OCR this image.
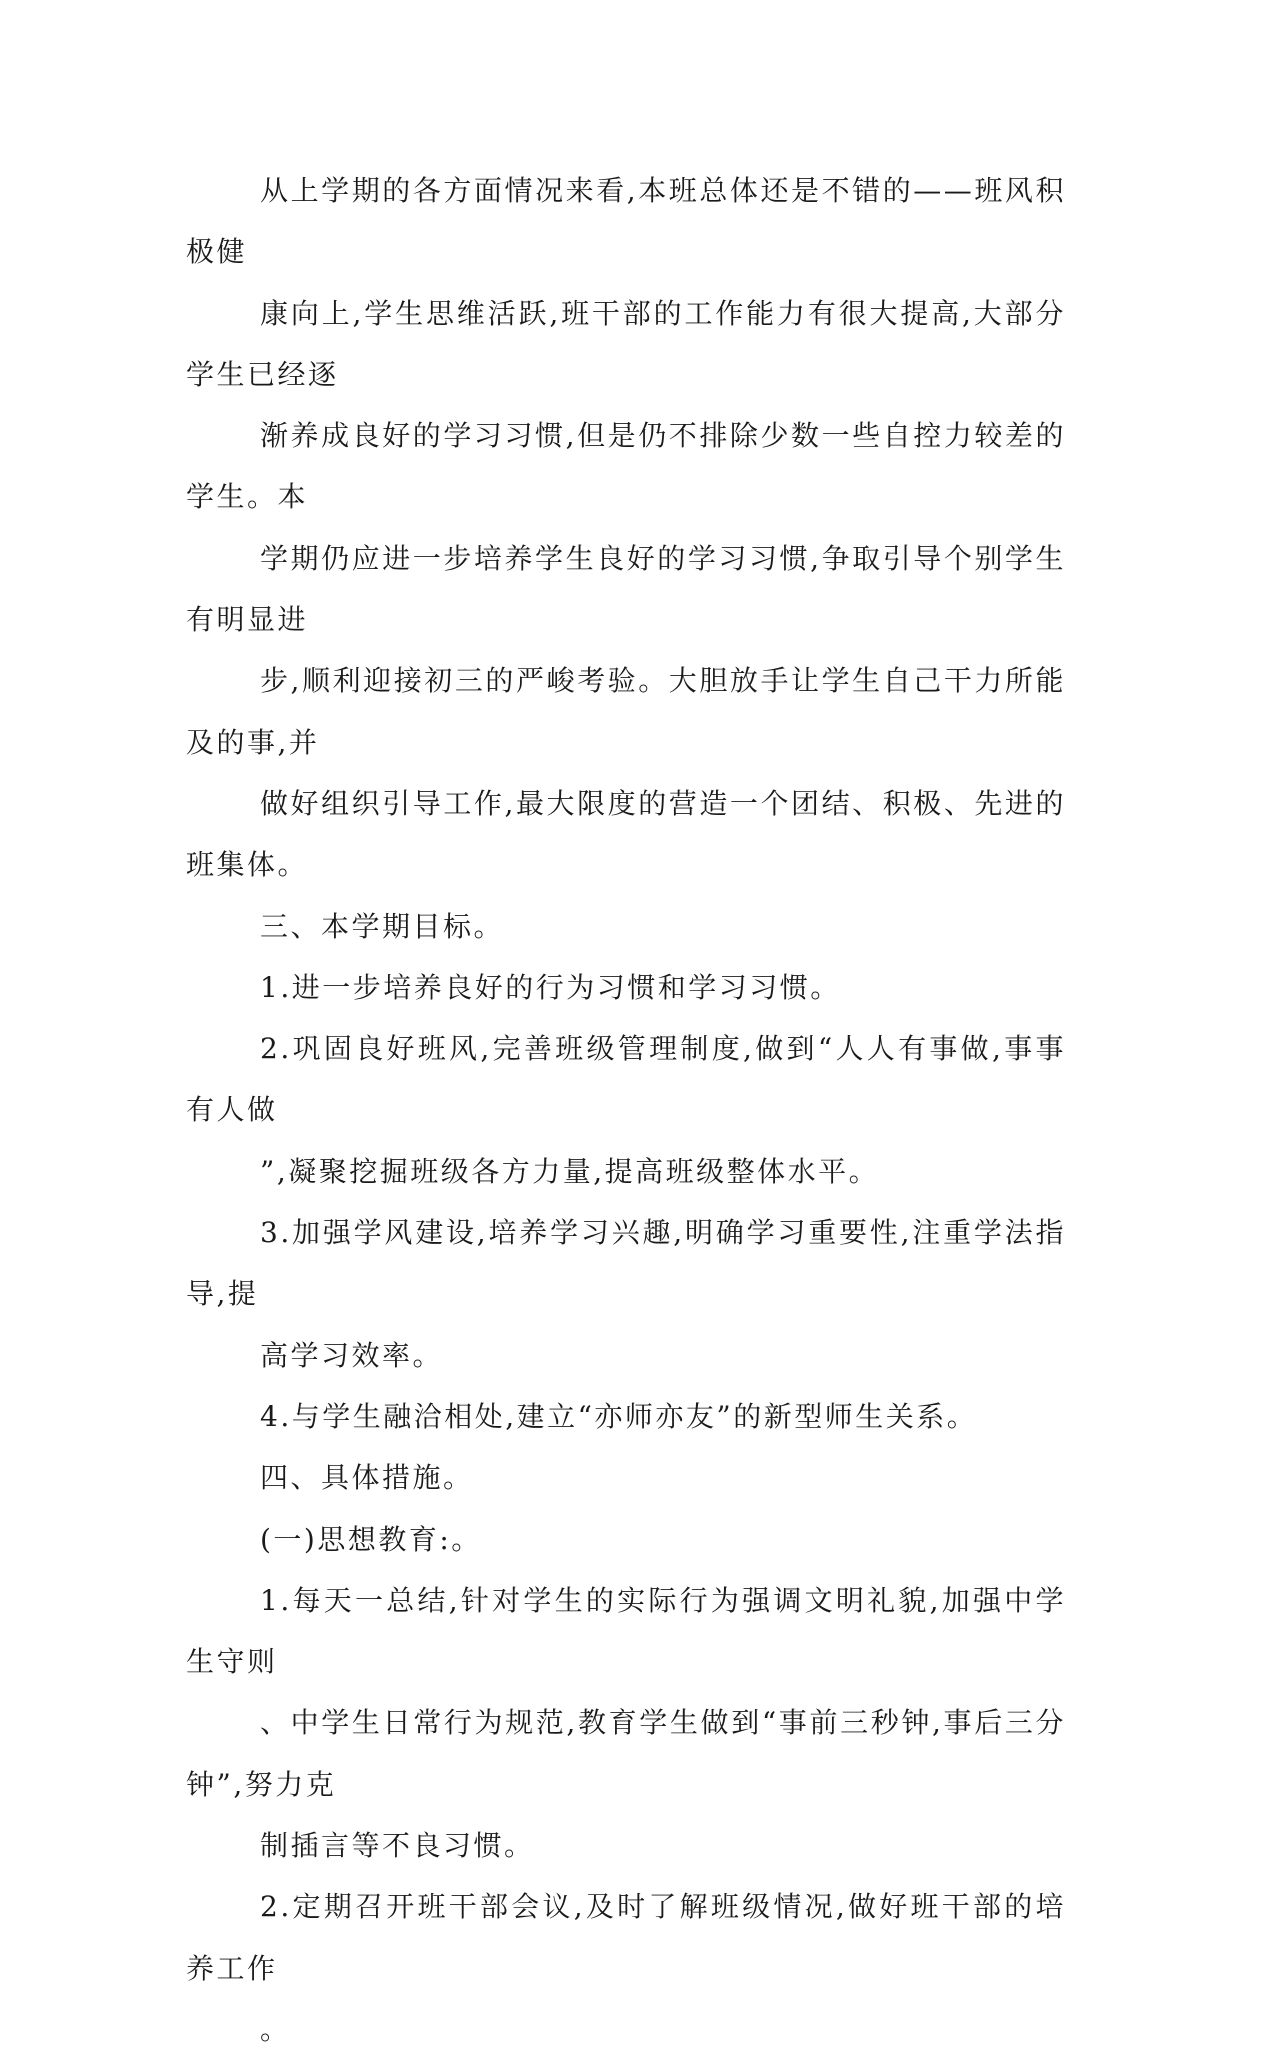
从上学期的各方面情况来看,本班总体还是不错的——班风积极健
康向上,学生思维活跃,班干部的工作能力有很大提高,大部分学生已经逐
渐养成良好的学习习惯,但是仍不排除少数一些自控力较差的学生。本
学期仍应进一步培养学生良好的学习习惯,争取引导个别学生有明显进
步,顺利迎接初三的严峻考验。大胆放手让学生自己干力所能及的事,并
做好组织引导工作,最大限度的营造一个团结、积极、先进的班集体。

三、本学期目标。

1.进一步培养良好的行为习惯和学习习惯。

2.巩固良好班风,完善班级管理制度,做到“人人有事做,事事有人做
”,凝聚挖掘班级各方力量,提高班级整体水平。

3.加强学风建设,培养学习兴趣,明确学习重要性,注重学法指导,提
高学习效率。

4.与学生融洽相处,建立“亦师亦友”的新型师生关系。

四、具体措施。

(一)思想教育:。

1.每天一总结,针对学生的实际行为强调文明礼貌,加强中学生守则
、中学生日常行为规范,教育学生做到“事前三秒钟,事后三分钟”,努力克
制插言等不良习惯。

2.定期召开班干部会议,及时了解班级情况,做好班干部的培养工作
。
